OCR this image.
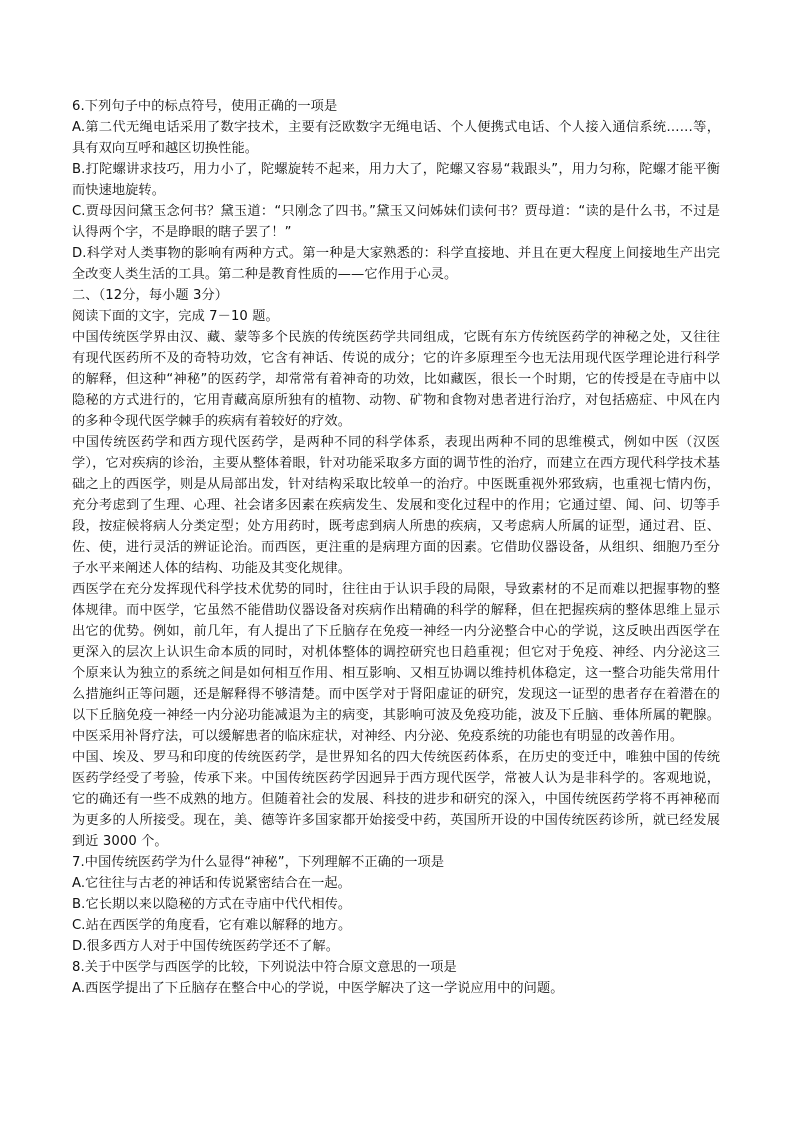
6.下列句子中的标点符号，使用正确的一项是

A.第二代无绳电话采用了数字技术，主要有泛欧数字无绳电话、个人便携式电话、个人接入通信系统……等，具有双向互呼和越区切换性能。

B.打陀螺讲求技巧，用力小了，陀螺旋转不起来，用力大了，陀螺又容易“栽跟头”，用力匀称，陀螺才能平衡而快速地旋转。

C.贾母因问黛玉念何书？黛玉道：“只刚念了四书。”黛玉又问姊妹们读何书？贾母道：“读的是什么书，不过是认得两个字，不是睁眼的瞎子罢了！”

D.科学对人类事物的影响有两种方式。第一种是大家熟悉的：科学直接地、并且在更大程度上间接地生产出完全改变人类生活的工具。第二种是教育性质的——它作用于心灵。

二、（12分，每小题 3分）

阅读下面的文字，完成 7－10 题。

中国传统医学界由汉、藏、蒙等多个民族的传统医药学共同组成，它既有东方传统医药学的神秘之处，又往往有现代医药所不及的奇特功效，它含有神话、传说的成分；它的许多原理至今也无法用现代医学理论进行科学的解释，但这种“神秘”的医药学，却常常有着神奇的功效，比如藏医，很长一个时期，它的传授是在寺庙中以隐秘的方式进行的，它用青藏高原所独有的植物、动物、矿物和食物对患者进行治疗，对包括癌症、中风在内的多种令现代医学棘手的疾病有着较好的疗效。

中国传统医药学和西方现代医药学，是两种不同的科学体系，表现出两种不同的思维模式，例如中医（汉医学），它对疾病的诊治，主要从整体着眼，针对功能采取多方面的调节性的治疗，而建立在西方现代科学技术基础之上的西医学，则是从局部出发，针对结构采取比较单一的治疗。中医既重视外邪致病，也重视七情内伤，充分考虑到了生理、心理、社会诸多因素在疾病发生、发展和变化过程中的作用；它通过望、闻、问、切等手段，按症候将病人分类定型；处方用药时，既考虑到病人所患的疾病，又考虑病人所属的证型，通过君、臣、佐、使，进行灵活的辨证论治。而西医，更注重的是病理方面的因素。它借助仪器设备，从组织、细胞乃至分子水平来阐述人体的结构、功能及其变化规律。

西医学在充分发挥现代科学技术优势的同时，往往由于认识手段的局限，导致素材的不足而难以把握事物的整体规律。而中医学，它虽然不能借助仪器设备对疾病作出精确的科学的解释，但在把握疾病的整体思维上显示出它的优势。例如，前几年，有人提出了下丘脑存在免疫一神经一内分泌整合中心的学说，这反映出西医学在更深入的层次上认识生命本质的同时，对机体整体的调控研究也日趋重视；但它对于免疫、神经、内分泌这三个原来认为独立的系统之间是如何相互作用、相互影响、又相互协调以维持机体稳定，这一整合功能失常用什么措施纠正等问题，还是解释得不够清楚。而中医学对于肾阳虚证的研究，发现这一证型的患者存在着潜在的以下丘脑免疫一神经一内分泌功能减退为主的病变，其影响可波及免疫功能，波及下丘脑、垂体所属的靶腺。中医采用补肾疗法，可以缓解患者的临床症状，对神经、内分泌、免疫系统的功能也有明显的改善作用。

中国、埃及、罗马和印度的传统医药学，是世界知名的四大传统医药体系，在历史的变迁中，唯独中国的传统医药学经受了考验，传承下来。中国传统医药学因迥异于西方现代医学，常被人认为是非科学的。客观地说，它的确还有一些不成熟的地方。但随着社会的发展、科技的进步和研究的深入，中国传统医药学将不再神秘而为更多的人所接受。现在，美、德等许多国家都开始接受中药，英国所开设的中国传统医药诊所，就已经发展到近 3000 个。

7.中国传统医药学为什么显得“神秘”，下列理解不正确的一项是

A.它往往与古老的神话和传说紧密结合在一起。

B.它长期以来以隐秘的方式在寺庙中代代相传。

C.站在西医学的角度看，它有难以解释的地方。

D.很多西方人对于中国传统医药学还不了解。

8.关于中医学与西医学的比较，下列说法中符合原文意思的一项是

A.西医学提出了下丘脑存在整合中心的学说，中医学解决了这一学说应用中的问题。
